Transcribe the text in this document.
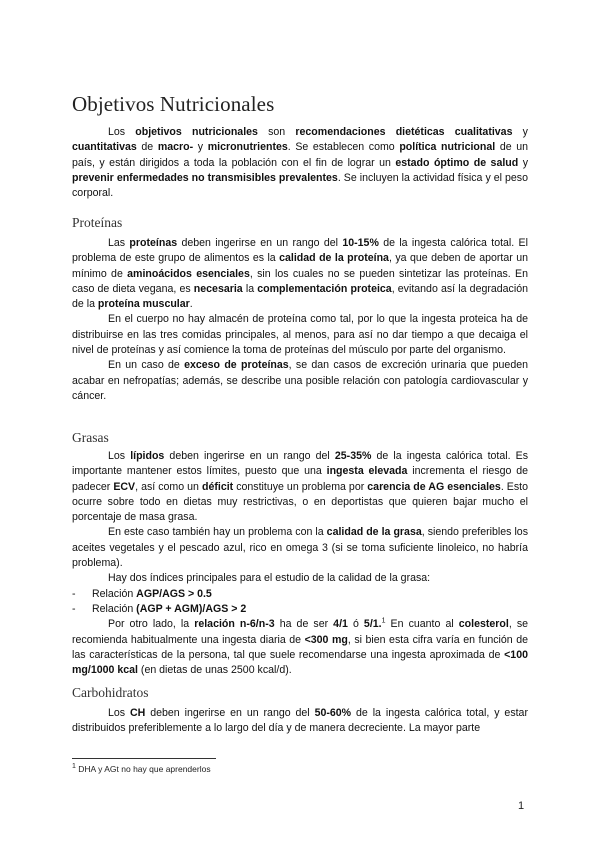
Objetivos Nutricionales

Los objetivos nutricionales son recomendaciones dietéticas cualitativas y cuantitativas de macro- y micronutrientes. Se establecen como política nutricional de un país, y están dirigidos a toda la población con el fin de lograr un estado óptimo de salud y prevenir enfermedades no transmisibles prevalentes. Se incluyen la actividad física y el peso corporal.

Proteínas

Las proteínas deben ingerirse en un rango del 10-15% de la ingesta calórica total. El problema de este grupo de alimentos es la calidad de la proteína, ya que deben de aportar un mínimo de aminoácidos esenciales, sin los cuales no se pueden sintetizar las proteínas. En caso de dieta vegana, es necesaria la complementación proteica, evitando así la degradación de la proteína muscular.

En el cuerpo no hay almacén de proteína como tal, por lo que la ingesta proteica ha de distribuirse en las tres comidas principales, al menos, para así no dar tiempo a que decaiga el nivel de proteínas y así comience la toma de proteínas del músculo por parte del organismo.

En un caso de exceso de proteínas, se dan casos de excreción urinaria que pueden acabar en nefropatías; además, se describe una posible relación con patología cardiovascular y cáncer.

Grasas

Los lípidos deben ingerirse en un rango del 25-35% de la ingesta calórica total. Es importante mantener estos límites, puesto que una ingesta elevada incrementa el riesgo de padecer ECV, así como un déficit constituye un problema por carencia de AG esenciales. Esto ocurre sobre todo en dietas muy restrictivas, o en deportistas que quieren bajar mucho el porcentaje de masa grasa.

En este caso también hay un problema con la calidad de la grasa, siendo preferibles los aceites vegetales y el pescado azul, rico en omega 3 (si se toma suficiente linoleico, no habría problema).

Hay dos índices principales para el estudio de la calidad de la grasa:

- Relación AGP/AGS > 0.5
- Relación (AGP + AGM)/AGS > 2

Por otro lado, la relación n-6/n-3 ha de ser 4/1 ó 5/1.$^1$ En cuanto al colesterol, se recomienda habitualmente una ingesta diaria de <300 mg, si bien esta cifra varía en función de las características de la persona, tal que suele recomendarse una ingesta aproximada de <100 mg/1000 kcal (en dietas de unas 2500 kcal/d).

Carbohidratos

Los CH deben ingerirse en un rango del 50-60% de la ingesta calórica total, y estar distribuidos preferiblemente a lo largo del día y de manera decreciente. La mayor parte

$^1$ DHA y AGt no hay que aprenderlos
1
